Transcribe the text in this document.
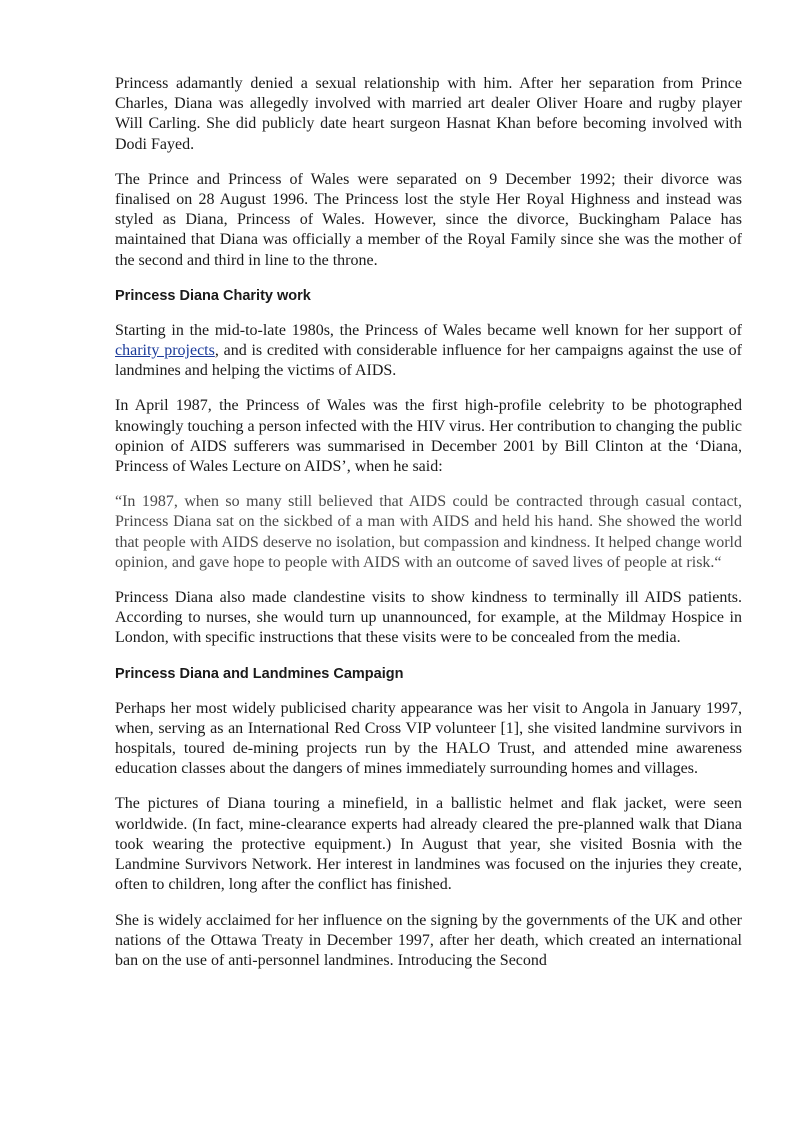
Princess adamantly denied a sexual relationship with him. After her separation from Prince Charles, Diana was allegedly involved with married art dealer Oliver Hoare and rugby player Will Carling. She did publicly date heart surgeon Hasnat Khan before becoming involved with Dodi Fayed.

The Prince and Princess of Wales were separated on 9 December 1992; their divorce was finalised on 28 August 1996. The Princess lost the style Her Royal Highness and instead was styled as Diana, Princess of Wales. However, since the divorce, Buckingham Palace has maintained that Diana was officially a member of the Royal Family since she was the mother of the second and third in line to the throne.

Princess Diana Charity work

Starting in the mid-to-late 1980s, the Princess of Wales became well known for her support of charity projects, and is credited with considerable influence for her campaigns against the use of landmines and helping the victims of AIDS.

In April 1987, the Princess of Wales was the first high-profile celebrity to be photographed knowingly touching a person infected with the HIV virus. Her contribution to changing the public opinion of AIDS sufferers was summarised in December 2001 by Bill Clinton at the ‘Diana, Princess of Wales Lecture on AIDS’, when he said:

“In 1987, when so many still believed that AIDS could be contracted through casual contact, Princess Diana sat on the sickbed of a man with AIDS and held his hand. She showed the world that people with AIDS deserve no isolation, but compassion and kindness. It helped change world opinion, and gave hope to people with AIDS with an outcome of saved lives of people at risk.“

Princess Diana also made clandestine visits to show kindness to terminally ill AIDS patients. According to nurses, she would turn up unannounced, for example, at the Mildmay Hospice in London, with specific instructions that these visits were to be concealed from the media.

Princess Diana and Landmines Campaign

Perhaps her most widely publicised charity appearance was her visit to Angola in January 1997, when, serving as an International Red Cross VIP volunteer [1], she visited landmine survivors in hospitals, toured de-mining projects run by the HALO Trust, and attended mine awareness education classes about the dangers of mines immediately surrounding homes and villages.

The pictures of Diana touring a minefield, in a ballistic helmet and flak jacket, were seen worldwide. (In fact, mine-clearance experts had already cleared the pre-planned walk that Diana took wearing the protective equipment.) In August that year, she visited Bosnia with the Landmine Survivors Network. Her interest in landmines was focused on the injuries they create, often to children, long after the conflict has finished.

She is widely acclaimed for her influence on the signing by the governments of the UK and other nations of the Ottawa Treaty in December 1997, after her death, which created an international ban on the use of anti-personnel landmines. Introducing the Second
